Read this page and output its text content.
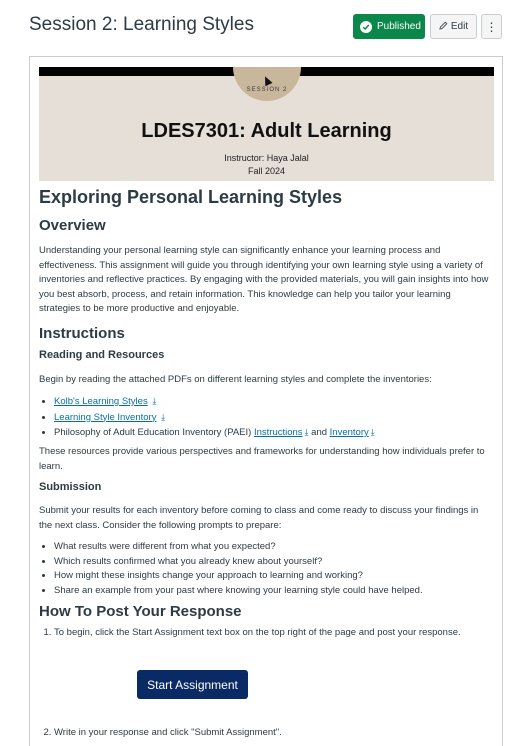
Session 2: Learning Styles	Published	Edit ⋮
SESSION 2
LDES7301: Adult Learning
Instructor: Haya Jalal
Fall 2024
Exploring Personal Learning Styles
Overview

Understanding your personal learning style can significantly enhance your learning process and effectiveness. This assignment will guide you through identifying your own learning style using a variety of inventories and reflective practices. By engaging with the provided materials, you will gain insights into how you best absorb, process, and retain information. This knowledge can help you tailor your learning strategies to be more productive and enjoyable.

Instructions
Reading and Resources

Begin by reading the attached PDFs on different learning styles and complete the inventories:

• Kolb's Learning Styles ⤓
• Learning Style Inventory ⤓
• Philosophy of Adult Education Inventory (PAEI) Instructions ⤓ and Inventory ⤓

These resources provide various perspectives and frameworks for understanding how individuals prefer to learn.

Submission

Submit your results for each inventory before coming to class and come ready to discuss your findings in the next class. Consider the following prompts to prepare:

• What results were different from what you expected?
• Which results confirmed what you already knew about yourself?
• How might these insights change your approach to learning and working?
• Share an example from your past where knowing your learning style could have helped.
How To Post Your Response
1. To begin, click the Start Assignment text box on the top right of the page and post your response.
Start Assignment
2. Write in your response and click "Submit Assignment".
